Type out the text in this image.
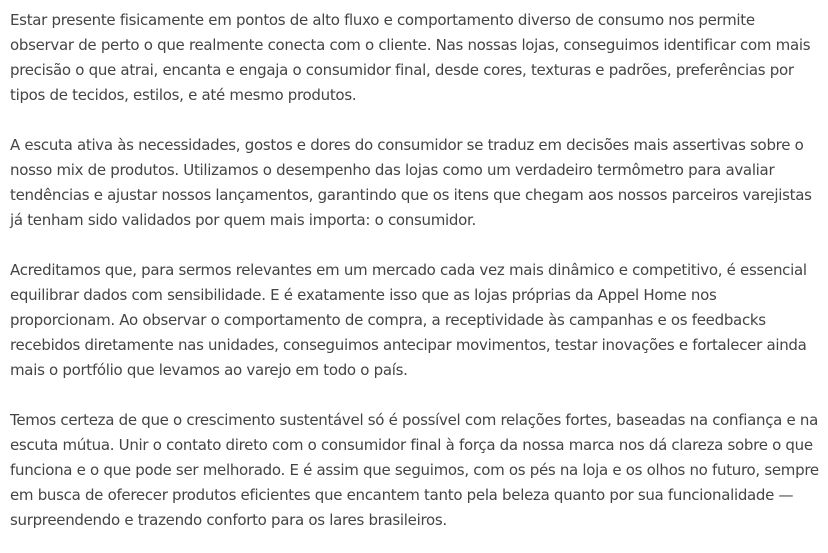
Estar presente fisicamente em pontos de alto fluxo e comportamento diverso de consumo nos permite observar de perto o que realmente conecta com o cliente. Nas nossas lojas, conseguimos identificar com mais precisão o que atrai, encanta e engaja o consumidor final, desde cores, texturas e padrões, preferências por tipos de tecidos, estilos, e até mesmo produtos.

A escuta ativa às necessidades, gostos e dores do consumidor se traduz em decisões mais assertivas sobre o nosso mix de produtos. Utilizamos o desempenho das lojas como um verdadeiro termômetro para avaliar tendências e ajustar nossos lançamentos, garantindo que os itens que chegam aos nossos parceiros varejistas já tenham sido validados por quem mais importa: o consumidor.

Acreditamos que, para sermos relevantes em um mercado cada vez mais dinâmico e competitivo, é essencial equilibrar dados com sensibilidade. E é exatamente isso que as lojas próprias da Appel Home nos proporcionam. Ao observar o comportamento de compra, a receptividade às campanhas e os feedbacks recebidos diretamente nas unidades, conseguimos antecipar movimentos, testar inovações e fortalecer ainda mais o portfólio que levamos ao varejo em todo o país.

Temos certeza de que o crescimento sustentável só é possível com relações fortes, baseadas na confiança e na escuta mútua. Unir o contato direto com o consumidor final à força da nossa marca nos dá clareza sobre o que funciona e o que pode ser melhorado. E é assim que seguimos, com os pés na loja e os olhos no futuro, sempre em busca de oferecer produtos eficientes que encantem tanto pela beleza quanto por sua funcionalidade — surpreendendo e trazendo conforto para os lares brasileiros.
